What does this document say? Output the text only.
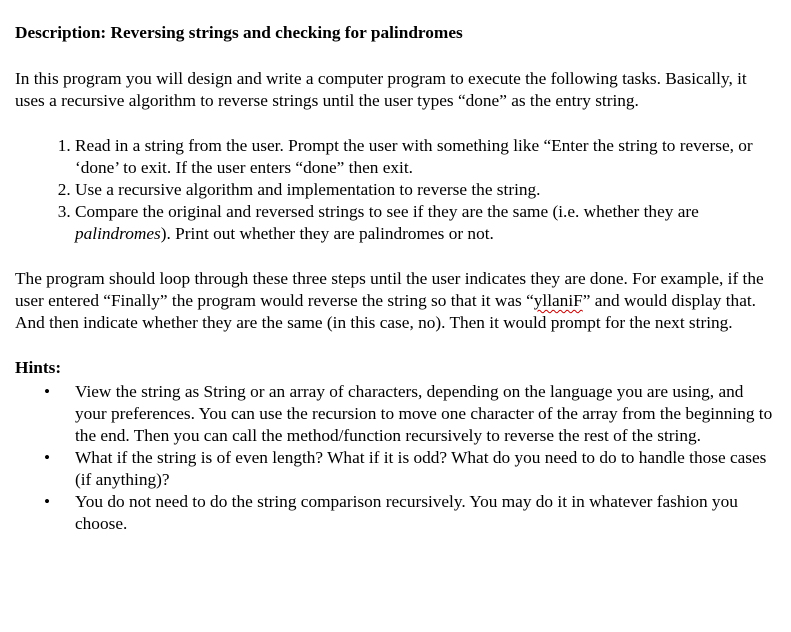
Description: Reversing strings and checking for palindromes

In this program you will design and write a computer program to execute the following tasks. Basically, it uses a recursive algorithm to reverse strings until the user types “done” as the entry string.

1. Read in a string from the user. Prompt the user with something like “Enter the string to reverse, or ‘done’ to exit. If the user enters “done” then exit.
2. Use a recursive algorithm and implementation to reverse the string.
3. Compare the original and reversed strings to see if they are the same (i.e. whether they are palindromes). Print out whether they are palindromes or not.

The program should loop through these three steps until the user indicates they are done. For example, if the user entered “Finally” the program would reverse the string so that it was “yllaniF” and would display that. And then indicate whether they are the same (in this case, no). Then it would prompt for the next string.

Hints:

• View the string as String or an array of characters, depending on the language you are using, and your preferences. You can use the recursion to move one character of the array from the beginning to the end. Then you can call the method/function recursively to reverse the rest of the string.
• What if the string is of even length? What if it is odd? What do you need to do to handle those cases (if anything)?
• You do not need to do the string comparison recursively. You may do it in whatever fashion you choose.
